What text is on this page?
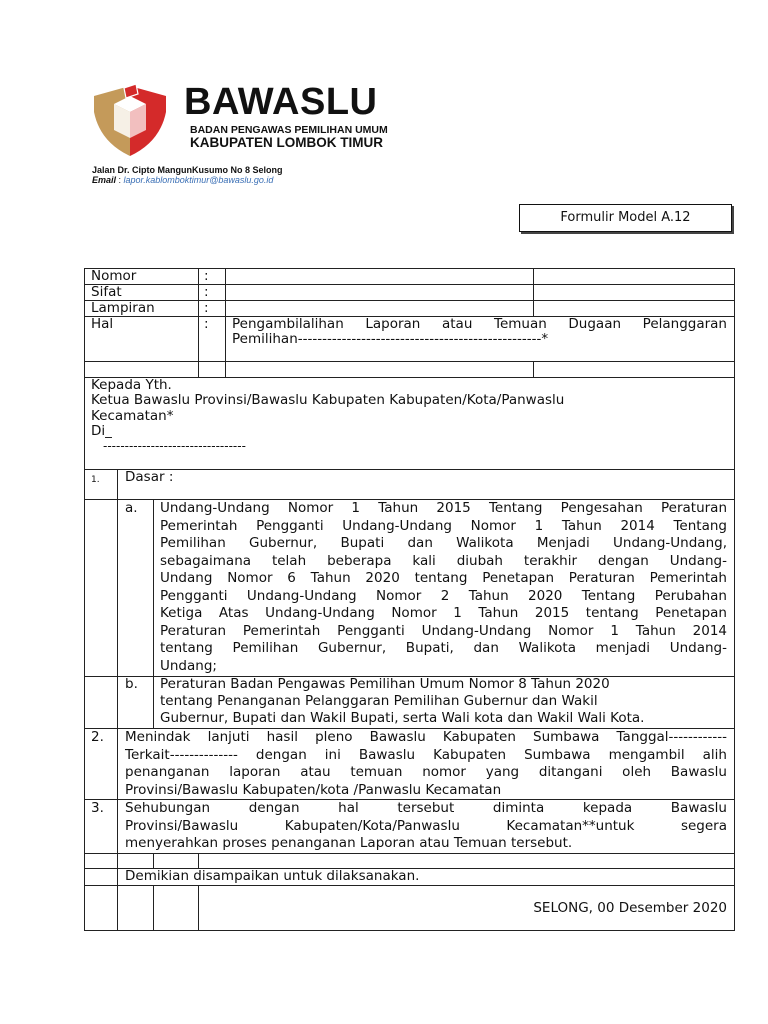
BAWASLU
BADAN PENGAWAS PEMILIHAN UMUM
KABUPATEN LOMBOK TIMUR
Jalan Dr. Cipto MangunKusumo No 8 Selong
Email : lapor.kablomboktimur@bawaslu.go.id
Formulir Model A.12
Nomor	:
Sifat	:
Lampiran	:
Hal	: Pengambilalihan Laporan atau Temuan Dugaan Pelanggaran
Pemilihan--------------------------------------------------*
Kepada Yth.
Ketua Bawaslu Provinsi/Bawaslu Kabupaten Kabupaten/Kota/Panwaslu
Kecamatan*
Di_
---------------------------------
1. Dasar :
a. Undang-Undang Nomor 1 Tahun 2015 Tentang Pengesahan Peraturan
Pemerintah Pengganti Undang-Undang Nomor 1 Tahun 2014 Tentang
Pemilihan Gubernur, Bupati dan Walikota Menjadi Undang-Undang,
sebagaimana telah beberapa kali diubah terakhir dengan Undang-
Undang Nomor 6 Tahun 2020 tentang Penetapan Peraturan Pemerintah
Pengganti Undang-Undang Nomor 2 Tahun 2020 Tentang Perubahan
Ketiga Atas Undang-Undang Nomor 1 Tahun 2015 tentang Penetapan
Peraturan Pemerintah Pengganti Undang-Undang Nomor 1 Tahun 2014
tentang Pemilihan Gubernur, Bupati, dan Walikota menjadi Undang-
Undang;
b. Peraturan Badan Pengawas Pemilihan Umum Nomor 8 Tahun 2020
tentang Penanganan Pelanggaran Pemilihan Gubernur dan Wakil
Gubernur, Bupati dan Wakil Bupati, serta Wali kota dan Wakil Wali Kota.
2. Menindak lanjuti hasil pleno Bawaslu Kabupaten Sumbawa Tanggal------------
Terkait-------------- dengan ini Bawaslu Kabupaten Sumbawa mengambil alih
penanganan laporan atau temuan nomor yang ditangani oleh Bawaslu
Provinsi/Bawaslu Kabupaten/kota /Panwaslu Kecamatan
3. Sehubungan dengan hal tersebut diminta kepada Bawaslu
Provinsi/Bawaslu Kabupaten/Kota/Panwaslu Kecamatan**untuk segera
menyerahkan proses penanganan Laporan atau Temuan tersebut.
Demikian disampaikan untuk dilaksanakan.
SELONG, 00 Desember 2020
